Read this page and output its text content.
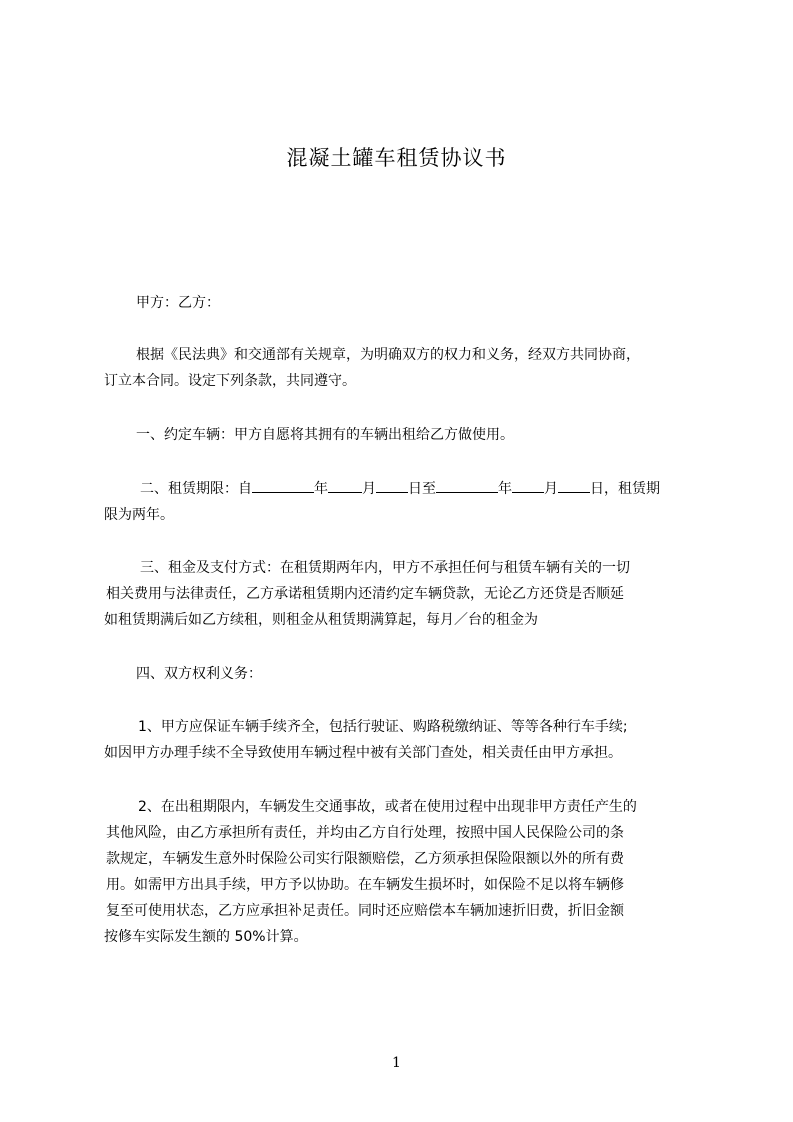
混凝土罐车租赁协议书
甲方：乙方：
根据《民法典》和交通部有关规章，为明确双方的权力和义务，经双方共同协商，
订立本合同。设定下列条款，共同遵守。
一、约定车辆：甲方自愿将其拥有的车辆出租给乙方做使用。
二、租赁期限：自	年 月 日至	年 月 日，租赁期
限为两年。
三、租金及支付方式：在租赁期两年内，甲方不承担任何与租赁车辆有关的一切
相关费用与法律责任，乙方承诺租赁期内还清约定车辆贷款，无论乙方还贷是否顺延
如租赁期满后如乙方续租，则租金从租赁期满算起，每月／台的租金为
四、双方权利义务：
1、甲方应保证车辆手续齐全，包括行驶证、购路税缴纳证、等等各种行车手续;
如因甲方办理手续不全导致使用车辆过程中被有关部门查处，相关责任由甲方承担。
2、在出租期限内，车辆发生交通事故，或者在使用过程中出现非甲方责任产生的
其他风险，由乙方承担所有责任，并均由乙方自行处理，按照中国人民保险公司的条
款规定，车辆发生意外时保险公司实行限额赔偿，乙方须承担保险限额以外的所有费
用。如需甲方出具手续，甲方予以协助。在车辆发生损坏时，如保险不足以将车辆修
复至可使用状态，乙方应承担补足责任。同时还应赔偿本车辆加速折旧费，折旧金额
按修车实际发生额的 50%计算。
1
